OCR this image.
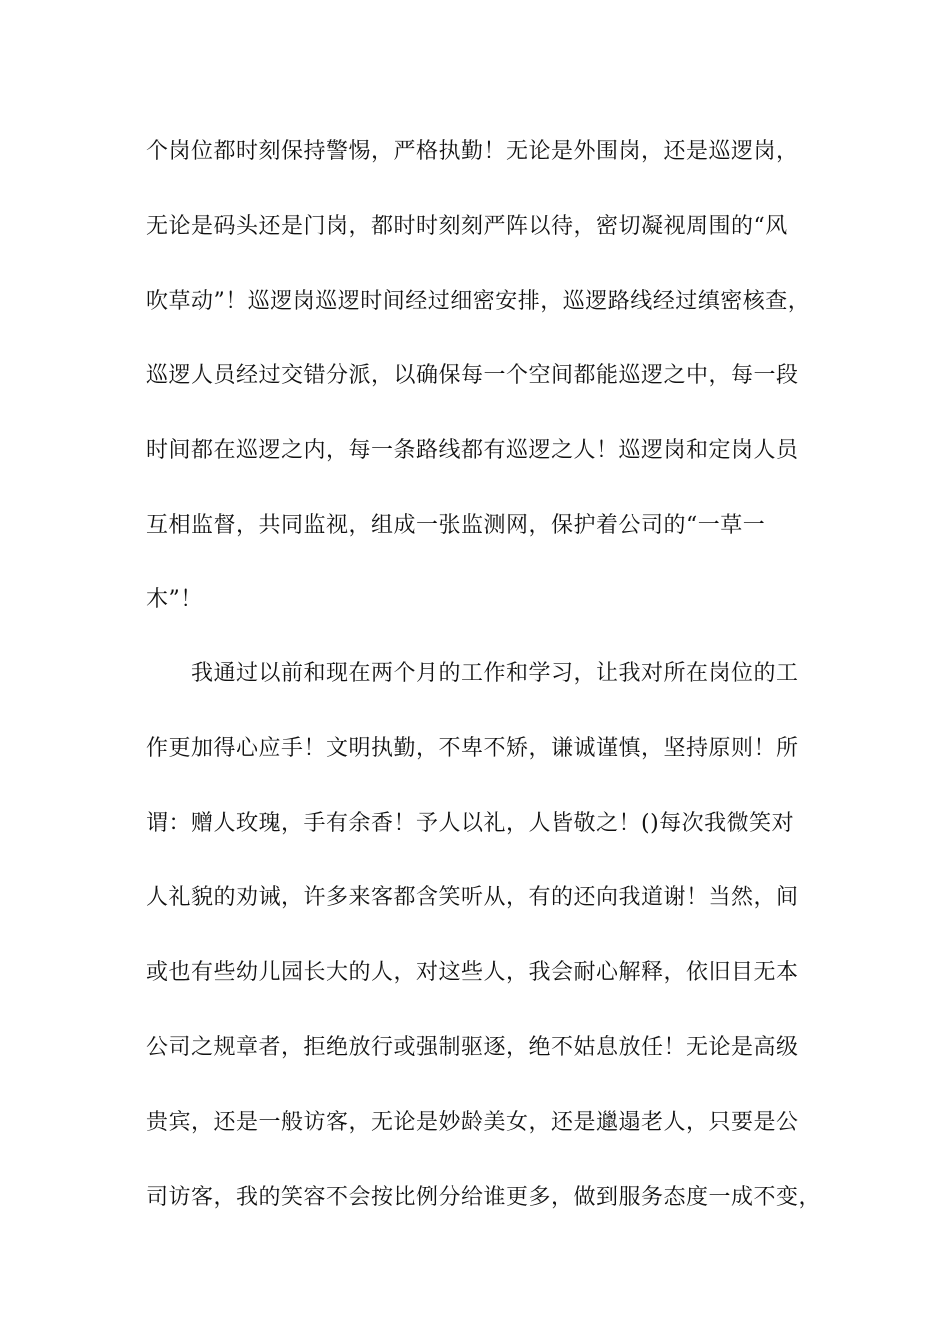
个岗位都时刻保持警惕，严格执勤！无论是外围岗，还是巡逻岗，
无论是码头还是门岗，都时时刻刻严阵以待，密切凝视周围的“风
吹草动”！巡逻岗巡逻时间经过细密安排，巡逻路线经过缜密核查，
巡逻人员经过交错分派，以确保每一个空间都能巡逻之中，每一段
时间都在巡逻之内，每一条路线都有巡逻之人！巡逻岗和定岗人员
互相监督，共同监视，组成一张监测网，保护着公司的“一草一
木”！
我通过以前和现在两个月的工作和学习，让我对所在岗位的工
作更加得心应手！文明执勤，不卑不矫，谦诚谨慎，坚持原则！所
谓：赠人玫瑰，手有余香！予人以礼，人皆敬之！()每次我微笑对
人礼貌的劝诫，许多来客都含笑听从，有的还向我道谢！当然，间
或也有些幼儿园长大的人，对这些人，我会耐心解释，依旧目无本
公司之规章者，拒绝放行或强制驱逐，绝不姑息放任！无论是高级
贵宾，还是一般访客，无论是妙龄美女，还是邋遢老人，只要是公
司访客，我的笑容不会按比例分给谁更多，做到服务态度一成不变，
